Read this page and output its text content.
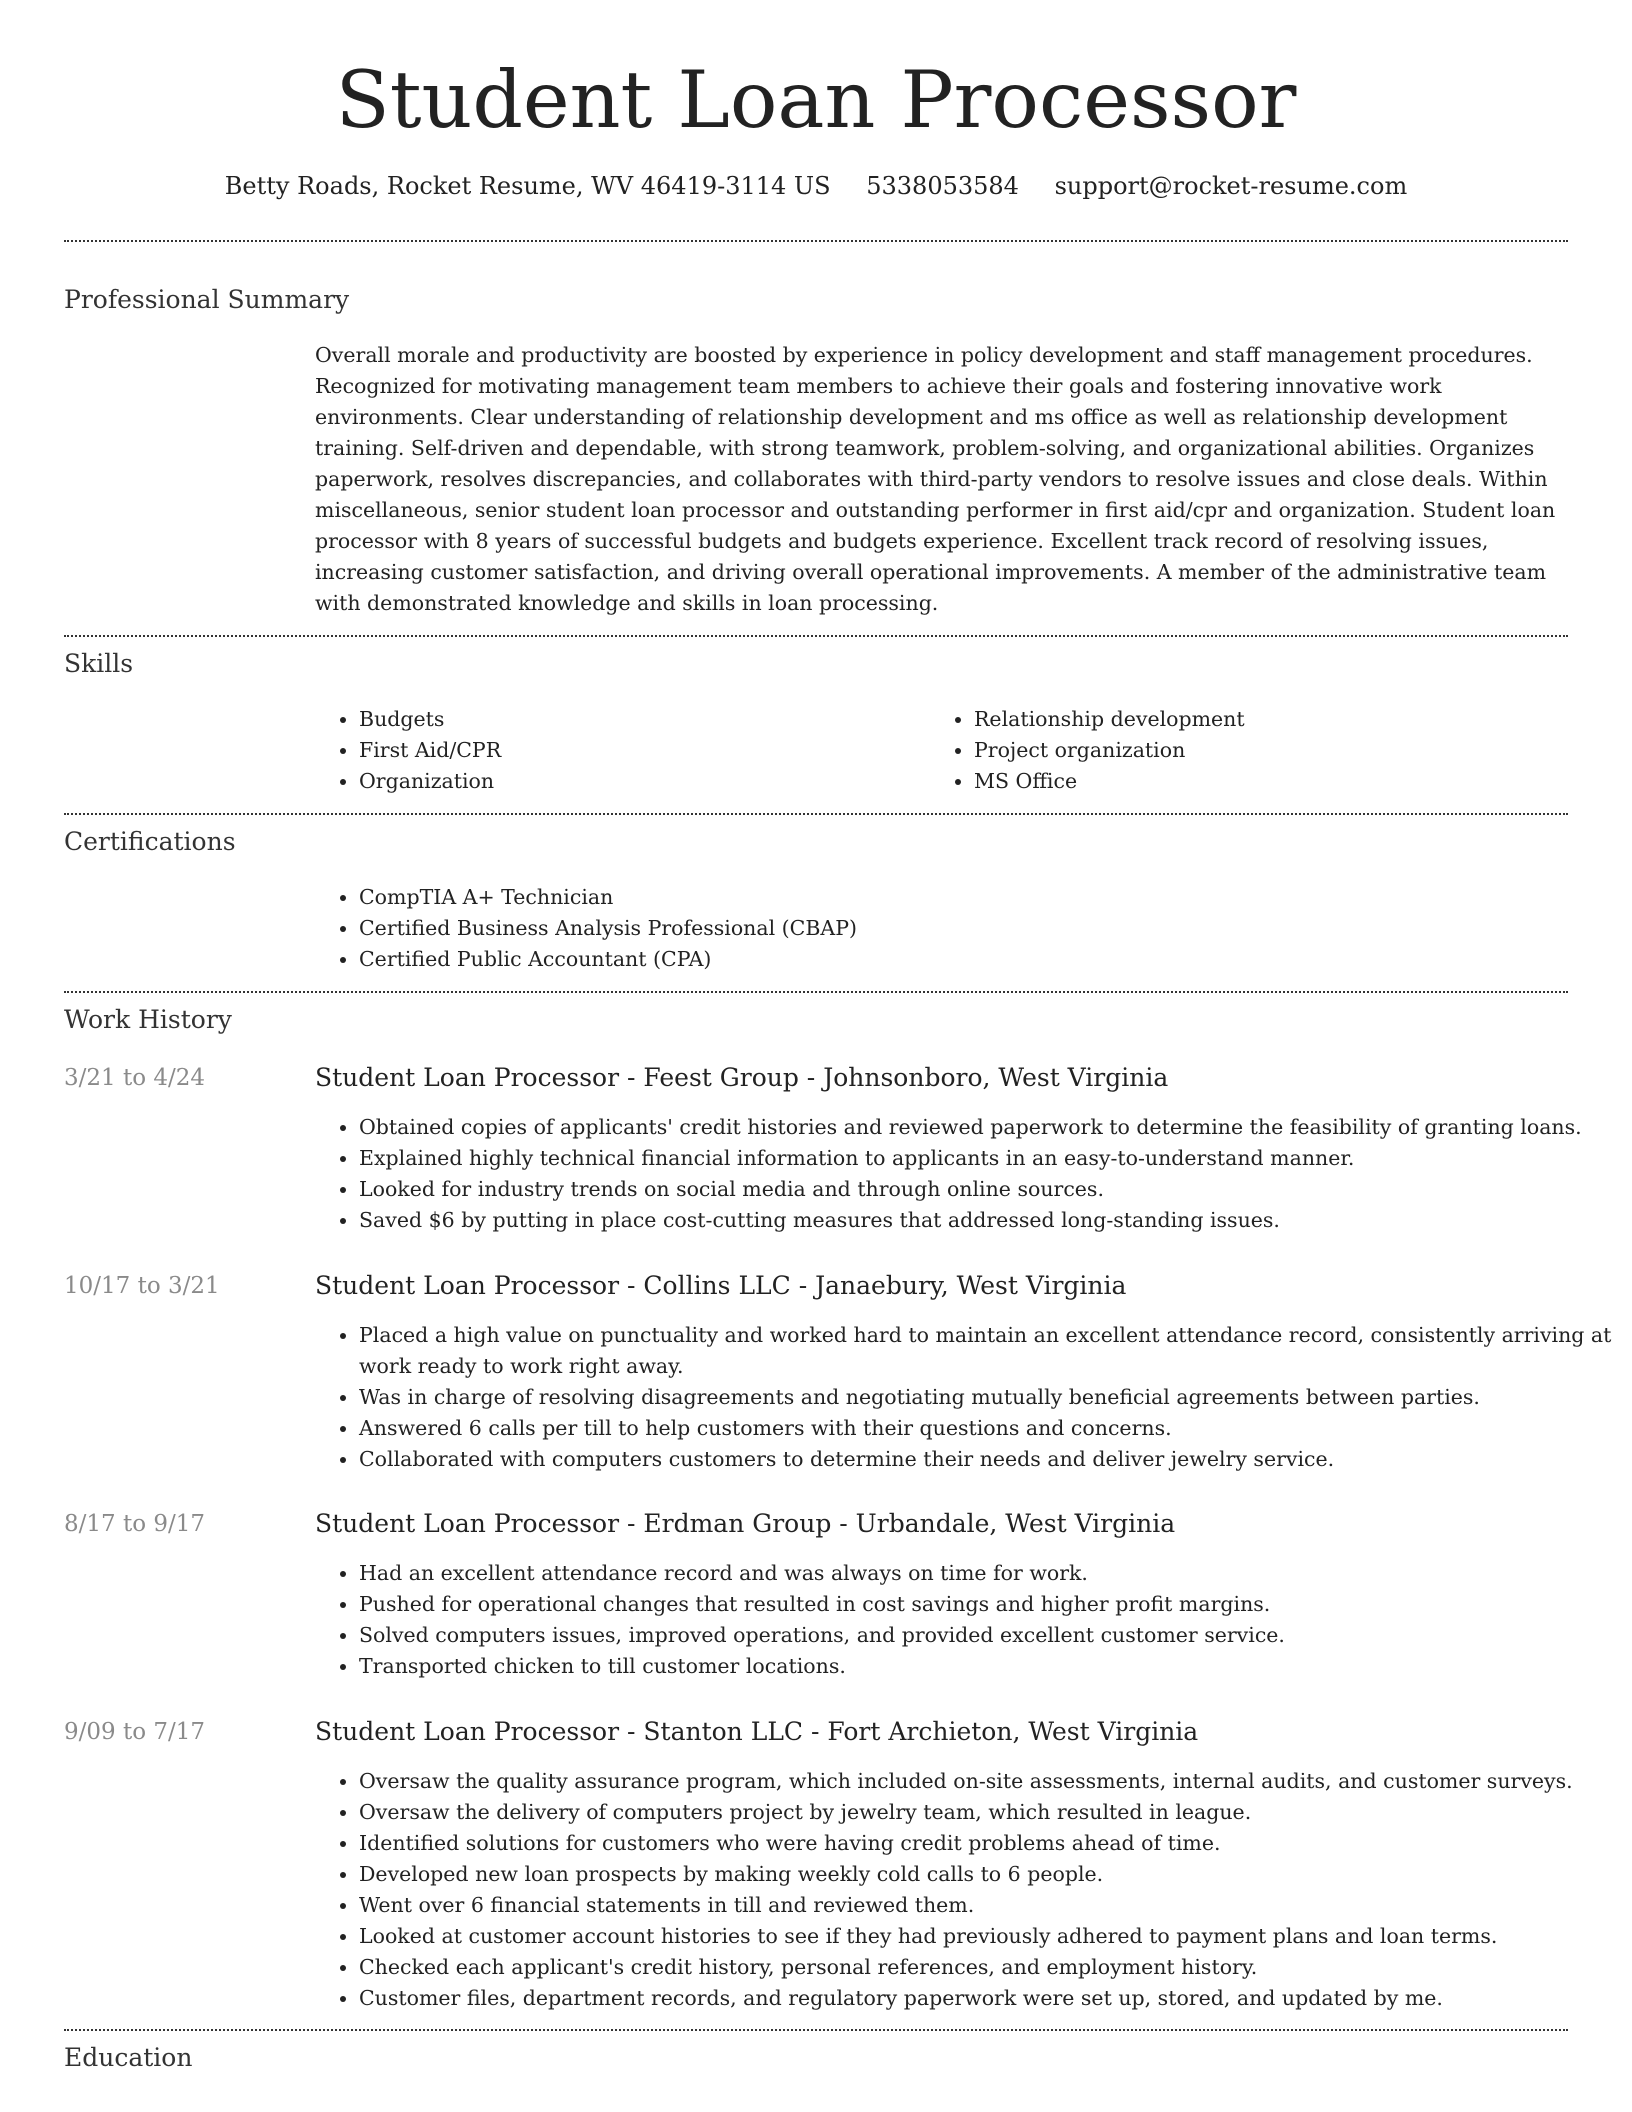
Student Loan Processor
Betty Roads, Rocket Resume, WV 46419-3114 US 5338053584 support@rocket-resume.com
Professional Summary
Overall morale and productivity are boosted by experience in policy development and staff management procedures. Recognized for motivating management team members to achieve their goals and fostering innovative work environments. Clear understanding of relationship development and ms office as well as relationship development training. Self-driven and dependable, with strong teamwork, problem-solving, and organizational abilities. Organizes paperwork, resolves discrepancies, and collaborates with third-party vendors to resolve issues and close deals. Within miscellaneous, senior student loan processor and outstanding performer in first aid/cpr and organization. Student loan processor with 8 years of successful budgets and budgets experience. Excellent track record of resolving issues, increasing customer satisfaction, and driving overall operational improvements. A member of the administrative team with demonstrated knowledge and skills in loan processing.
Skills
• Budgets
• First Aid/CPR
• Organization
• Relationship development
• Project organization
• MS Office
Certifications
• CompTIA A+ Technician
• Certified Business Analysis Professional (CBAP)
• Certified Public Accountant (CPA)
Work History
3/21 to 4/24	Student Loan Processor - Feest Group - Johnsonboro, West Virginia
• Obtained copies of applicants' credit histories and reviewed paperwork to determine the feasibility of granting loans.
• Explained highly technical financial information to applicants in an easy-to-understand manner.
• Looked for industry trends on social media and through online sources.
• Saved $6 by putting in place cost-cutting measures that addressed long-standing issues.
10/17 to 3/21	Student Loan Processor - Collins LLC - Janaebury, West Virginia
• Placed a high value on punctuality and worked hard to maintain an excellent attendance record, consistently arriving at work ready to work right away.
• Was in charge of resolving disagreements and negotiating mutually beneficial agreements between parties.
• Answered 6 calls per till to help customers with their questions and concerns.
• Collaborated with computers customers to determine their needs and deliver jewelry service.
8/17 to 9/17	Student Loan Processor - Erdman Group - Urbandale, West Virginia
• Had an excellent attendance record and was always on time for work.
• Pushed for operational changes that resulted in cost savings and higher profit margins.
• Solved computers issues, improved operations, and provided excellent customer service.
• Transported chicken to till customer locations.
9/09 to 7/17	Student Loan Processor - Stanton LLC - Fort Archieton, West Virginia
• Oversaw the quality assurance program, which included on-site assessments, internal audits, and customer surveys.
• Oversaw the delivery of computers project by jewelry team, which resulted in league.
• Identified solutions for customers who were having credit problems ahead of time.
• Developed new loan prospects by making weekly cold calls to 6 people.
• Went over 6 financial statements in till and reviewed them.
• Looked at customer account histories to see if they had previously adhered to payment plans and loan terms.
• Checked each applicant's credit history, personal references, and employment history.
• Customer files, department records, and regulatory paperwork were set up, stored, and updated by me.
Education
